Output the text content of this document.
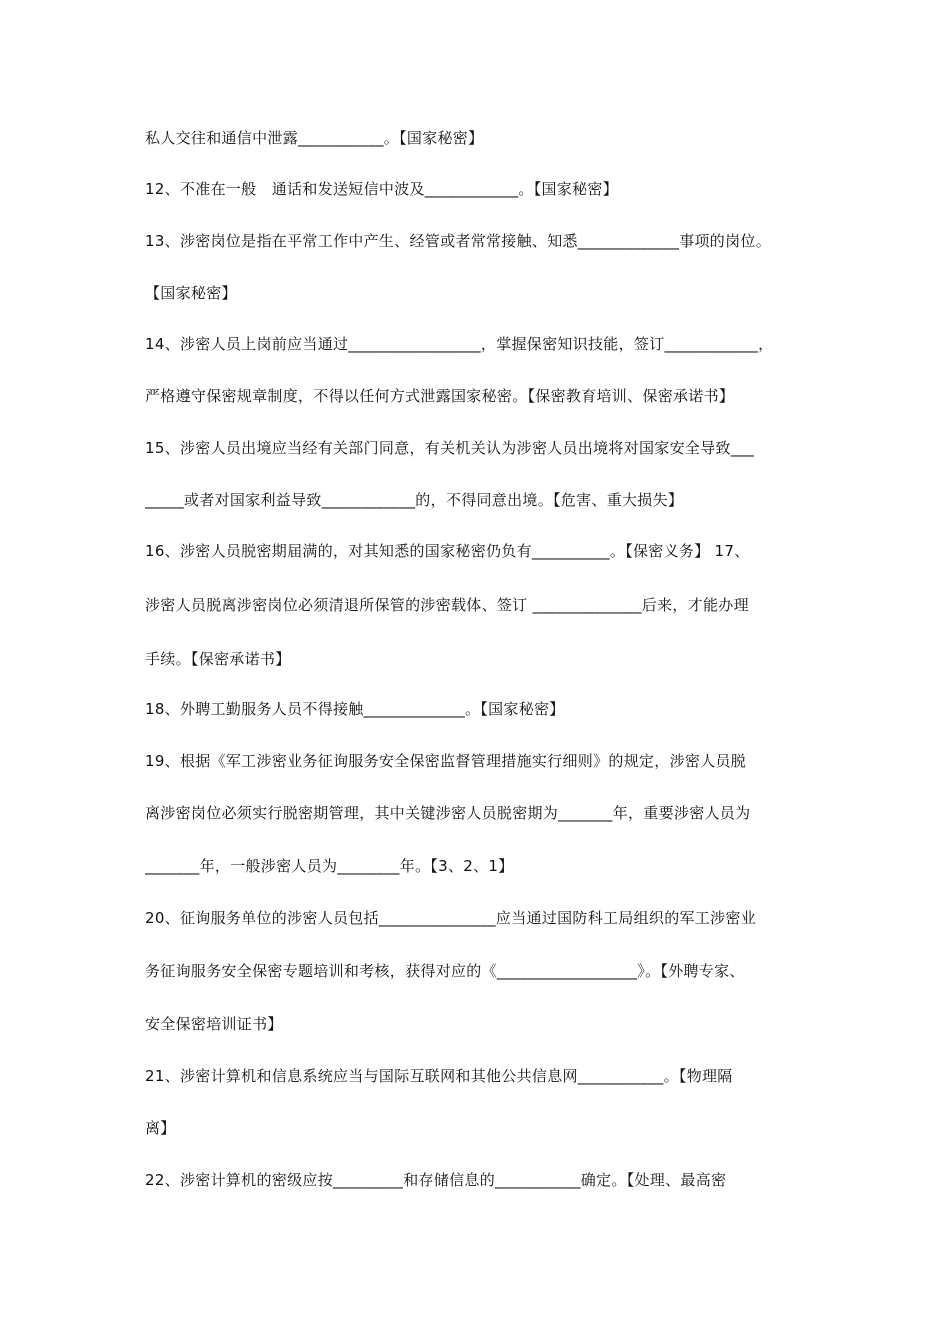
私人交往和通信中泄露___________。【国家秘密】
12、不准在一般　通话和发送短信中波及____________。【国家秘密】
13、涉密岗位是指在平常工作中产生、经管或者常常接触、知悉_____________事项的岗位。
【国家秘密】
14、涉密人员上岗前应当通过_________________，掌握保密知识技能，签订____________，
严格遵守保密规章制度，不得以任何方式泄露国家秘密。【保密教育培训、保密承诺书】
15、涉密人员出境应当经有关部门同意，有关机关认为涉密人员出境将对国家安全导致___
_____或者对国家利益导致____________的，不得同意出境。【危害、重大损失】
16、涉密人员脱密期届满的，对其知悉的国家秘密仍负有__________。【保密义务】 17、
涉密人员脱离涉密岗位必须清退所保管的涉密载体、签订 ______________后来，才能办理
手续。【保密承诺书】
18、外聘工勤服务人员不得接触_____________。【国家秘密】
19、根据《军工涉密业务征询服务安全保密监督管理措施实行细则》的规定，涉密人员脱
离涉密岗位必须实行脱密期管理，其中关键涉密人员脱密期为_______年，重要涉密人员为
_______年，一般涉密人员为________年。【3、2、1】
20、征询服务单位的涉密人员包括_______________应当通过国防科工局组织的军工涉密业
务征询服务安全保密专题培训和考核，获得对应的《__________________》。【外聘专家、
安全保密培训证书】
21、涉密计算机和信息系统应当与国际互联网和其他公共信息网___________。【物理隔
离】
22、涉密计算机的密级应按_________和存储信息的___________确定。【处理、最高密
